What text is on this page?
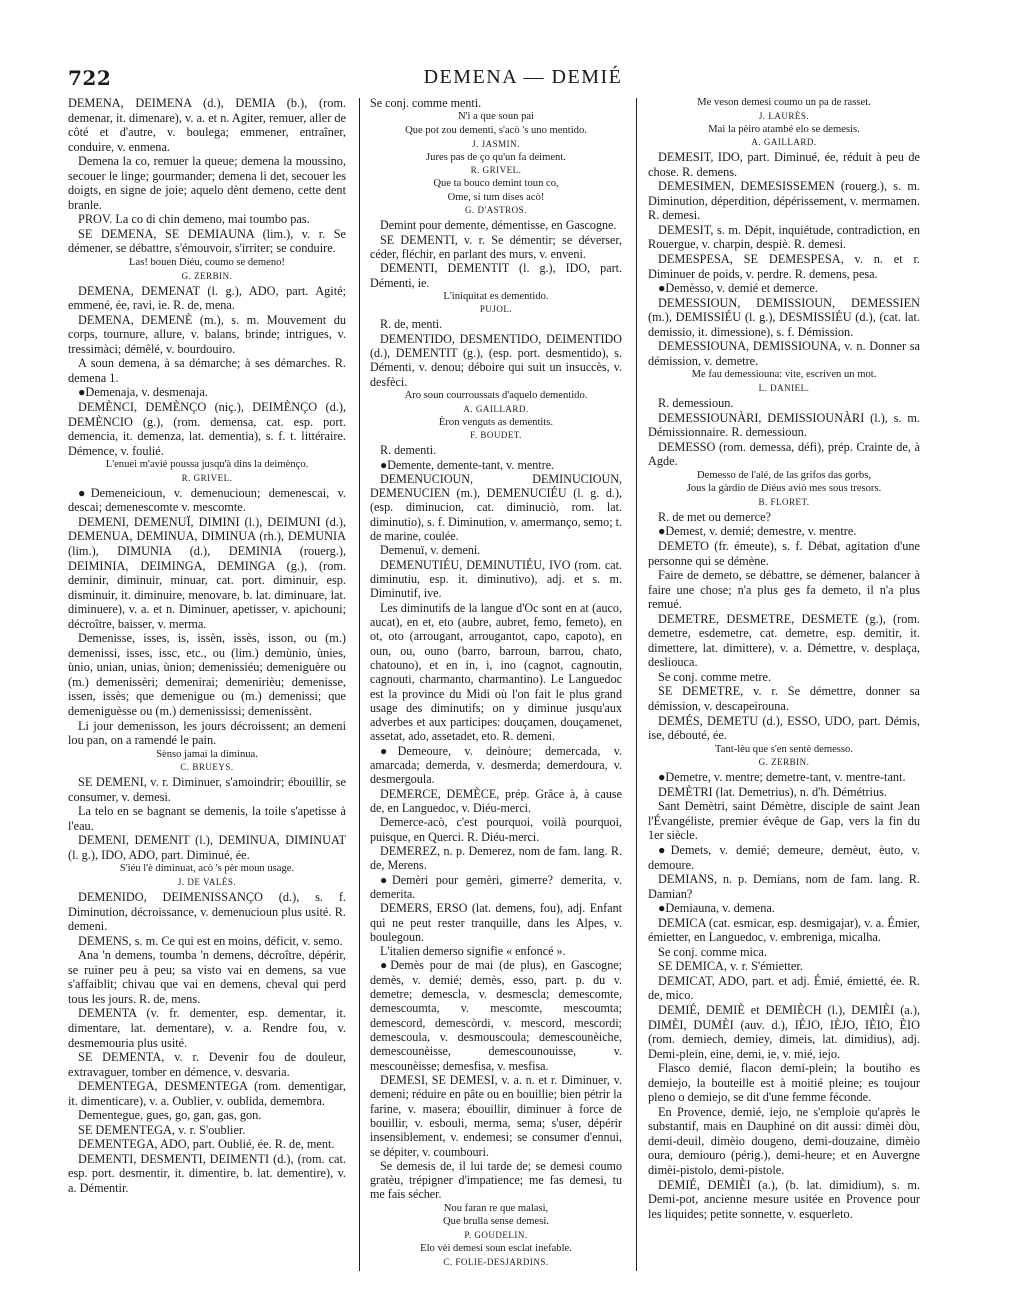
722	DEMENA — DEMIÉ

DEMENA, DEIMENA (d.), DEMIA (b.), (rom. demenar, it. dimenare), v. a. et n. Agiter, remuer, aller de côté et d'autre, v. boulega; emmener, entraîner, conduire, v. enmena.

Demena la co, remuer la queue; demena la moussino, secouer le linge; gourmander; demena li det, secouer les doigts, en signe de joie; aquelo dènt demeno, cette dent branle.

PROV. La co di chin demeno, mai toumbo pas.

SE DEMENA, SE DEMIAUNA (lim.), v. r. Se démener, se débattre, s'émouvoir, s'irriter; se conduire.

Las! bouen Diéu, coumo se demeno!

G. ZERBIN.

DEMENA, DEMENAT (l. g.), ADO, part. Agité; emmené, ée, ravi, ie. R. de, mena.

DEMENA, DEMENÈ (m.), s. m. Mouvement du corps, tournure, allure, v. balans, brinde; intrigues, v. tressimàci; démêlé, v. bourdouiro.

A soun demena, à sa démarche; à ses démarches. R. demena 1.

●Demenaja, v. desmenaja.

DEMÈNCI, DEMÈNÇO (niç.), DEIMÈNÇO (d.), DEMÈNCIO (g.), (rom. demensa, cat. esp. port. demencia, it. demenza, lat. dementia), s. f. t. littéraire. Démence, v. foulié.

L'enuei m'avié poussa jusqu'à dins la deimènço.

R. GRIVEL.

●Demeneicioun, v. demenucioun; demenescai, v. descai; demenescomte v. mescomte.

DEMENI, DEMENUÏ, DIMINI (l.), DEIMUNI (d.), DEMENUA, DEMINUA, DIMINUA (rh.), DEMUNIA (lim.), DIMUNIA (d.), DEMINIA (rouerg.), DEIMINIA, DEIMINGA, DEMINGA (g.), (rom. deminir, diminuir, minuar, cat. port. diminuir, esp. disminuir, it. diminuire, menovare, b. lat. diminuare, lat. diminuere), v. a. et n. Diminuer, apetisser, v. apichouni; décroître, baisser, v. merma.

Demenisse, isses, is, issèn, issès, isson, ou (m.) demenissi, isses, issc, etc., ou (lim.) demùnio, ùnies, ùnio, unian, unias, ùnion; demenissiéu; demeniguère ou (m.) demenissèri; demenirai; demenirièu; demenisse, issen, issès; que demenigue ou (m.) demenissi; que demeniguèsse ou (m.) demenississi; demenissènt.

Li jour demenisson, les jours décroissent; an demeni lou pan, on a ramendé le pain.

Sènso jamai la diminua.

C. BRUEYS.

SE DEMENI, v. r. Diminuer, s'amoindrir; ébouillir, se consumer, v. demesi.

La telo en se bagnant se demenis, la toile s'apetisse à l'eau.

DEMENI, DEMENIT (l.), DEMINUA, DIMINUAT (l. g.), IDO, ADO, part. Diminué, ée.

S'iéu l'è diminuat, acò 's pèr moun usage.

J. DE VALÈS.

DEMENIDO, DEIMENISSANÇO (d.), s. f. Diminution, décroissance, v. demenucioun plus usité. R. demeni.

DEMENS, s. m. Ce qui est en moins, déficit, v. semo.

Ana 'n demens, toumba 'n demens, décroître, dépérir, se ruiner peu à peu; sa visto vai en demens, sa vue s'affaiblit; chivau que vai en demens, cheval qui perd tous les jours. R. de, mens.

DEMENTA (v. fr. dementer, esp. dementar, it. dimentare, lat. dementare), v. a. Rendre fou, v. desmemouria plus usité.

SE DEMENTA, v. r. Devenir fou de douleur, extravaguer, tomber en démence, v. desvaria.

DEMENTEGA, DESMENTEGA (rom. dementigar, it. dimenticare), v. a. Oublier, v. oublida, demembra.

Dementegue, gues, go, gan, gas, gon.

SE DEMENTEGA, v. r. S'oublier.

DEMENTEGA, ADO, part. Oublié, ée. R. de, ment.

DEMENTI, DESMENTI, DEIMENTI (d.), (rom. cat. esp. port. desmentir, it. dimentire, b. lat. dementire), v. a. Démentir.

Se conj. comme menti.

N'i a que soun pai

Que pot zou dementi, s'acò 's uno mentido.

J. JASMIN.

Jures pas de ço qu'un fa deiment.

R. GRIVEL.

Que ta bouco demint toun co,

Ome, si tum dises acò!

G. D'ASTROS.

Demint pour demente, démentisse, en Gascogne.

SE DEMENTI, v. r. Se démentir; se déverser, céder, fléchir, en parlant des murs, v. enveni.

DEMENTI, DEMENTIT (l. g.), IDO, part. Démenti, ie.

L'iniquitat es dementido.

PUJOL.

R. de, menti.

DEMENTIDO, DESMENTIDO, DEIMENTIDO (d.), DEMENTIT (g.), (esp. port. desmentido), s. Démenti, v. denou; déboire qui suit un insuccès, v. desfèci.

Aro soun courroussats d'aquelo dementido.

A. GAILLARD.

Èron venguts as dementits.

F. BOUDET.

R. dementi.

●Demente, demente-tant, v. mentre.

DEMENUCIOUN, DEMINUCIOUN, DEMENUCIEN (m.), DEMENUCIÉU (l. g. d.), (esp. diminucion, cat. diminuciò, rom. lat. diminutio), s. f. Diminution, v. amermanço, semo; t. de marine, coulée.

Demenuï, v. demeni.

DEMENUTIÉU, DEMINUTIÉU, IVO (rom. cat. diminutiu, esp. it. diminutivo), adj. et s. m. Diminutif, ive.

Les diminutifs de la langue d'Oc sont en at (auco, aucat), en et, eto (aubre, aubret, femo, femeto), en ot, oto (arrougant, arrougantot, capo, capoto), en oun, ou, ouno (barro, barroun, barrou, chato, chatouno), et en in, i, ino (cagnot, cagnoutin, cagnouti, charmanto, charmantino). Le Languedoc est la province du Midi où l'on fait le plus grand usage des diminutifs; on y diminue jusqu'aux adverbes et aux participes: douçamen, douçamenet, assetat, ado, assetadet, eto. R. demeni.

●Demeoure, v. deinòure; demercada, v. amarcada; demerda, v. desmerda; demerdoura, v. desmergoula.

DEMERCE, DEMÈCE, prép. Grâce à, à cause de, en Languedoc, v. Diéu-merci.

Demerce-acò, c'est pourquoi, voilà pourquoi, puisque, en Querci. R. Diéu-merci.

DEMEREZ, n. p. Demerez, nom de fam. lang. R. de, Merens.

●Demèri pour gemèri, gimerre? demerita, v. demerita.

DEMERS, ERSO (lat. demens, fou), adj. Enfant qui ne peut rester tranquille, dans les Alpes, v. boulegoun.

L'italien demerso signifie « enfoncé ».

●Demès pour de mai (de plus), en Gascogne; demès, v. demié; demès, esso, part. p. du v. demetre; demescla, v. desmescla; demescomte, demescoumta, v. mescomte, mescoumta; demescord, demescòrdi, v. mescord, mescordi; demescoula, v. desmouscoula; demescounèiche, demescounèisse, demescounouisse, v. mescounèisse; demesfisa, v. mesfisa.

DEMESI, SE DEMESI, v. a. n. et r. Diminuer, v. demeni; réduire en pâte ou en bouillie; bien pétrir la farine, v. masera; ébouillir, diminuer à force de bouillir, v. esbouli, merma, sema; s'user, dépérir insensiblement, v. endemesi; se consumer d'ennui, se dépiter, v. coumbouri.

Se demesis de, il lui tarde de; se demesi coumo gratèu, trépigner d'impatience; me fas demesi, tu me fais sécher.

Nou faran re que malasi,

Que brulla sense demesi.

P. GOUDELIN.

Elo vèi demesi soun esclat inefable.

C. FOLIE-DESJARDINS.

Me veson demesi coumo un pa de rasset.

J. LAURÈS.

Mai la pèiro atambé elo se demesis.

A. GAILLARD.

DEMESIT, IDO, part. Diminué, ée, réduit à peu de chose. R. demens.

DEMESIMEN, DEMESISSEMEN (rouerg.), s. m. Diminution, déperdition, dépérissement, v. mermamen. R. demesi.

DEMESIT, s. m. Dépit, inquiétude, contradiction, en Rouergue, v. charpin, despiè. R. demesi.

DEMESPESA, SE DEMESPESA, v. n. et r. Diminuer de poids, v. perdre. R. demens, pesa.

●Demèsso, v. demié et demerce.

DEMESSIOUN, DEMISSIOUN, DEMESSIEN (m.), DEMISSIÉU (l. g.), DESMISSIÉU (d.), (cat. lat. demissio, it. dimessione), s. f. Démission.

DEMESSIOUNA, DEMISSIOUNA, v. n. Donner sa démission, v. demetre.

Me fau demessiouna: vite, escriven un mot.

L. DANIEL.

R. demessioun.

DEMESSIOUNÀRI, DEMISSIOUNÀRI (l.), s. m. Démissionnaire. R. demessioun.

DEMESSO (rom. demessa, défi), prép. Crainte de, à Agde.

Demesso de l'alé, de las grifos das gorbs,

Jous la gàrdio de Diéus aviò mes sous tresors.

B. FLORET.

R. de met ou demerce?

●Demest, v. demié; demestre, v. mentre.

DEMETO (fr. émeute), s. f. Débat, agitation d'une personne qui se démène.

Faire de demeto, se débattre, se démener, balancer à faire une chose; n'a plus ges fa demeto, il n'a plus remué.

DEMETRE, DESMETRE, DESMETE (g.), (rom. demetre, esdemetre, cat. demetre, esp. demitir, it. dimettere, lat. dimittere), v. a. Démettre, v. desplaça, desliouca.

Se conj. comme metre.

SE DEMETRE, v. r. Se démettre, donner sa démission, v. descapeirouna.

DEMÉS, DEMETU (d.), ESSO, UDO, part. Démis, ise, débouté, ée.

Tant-lèu que s'en sentè demesso.

G. ZERBIN.

●Demetre, v. mentre; demetre-tant, v. mentre-tant.

DEMÈTRI (lat. Demetrius), n. d'h. Démétrius.

Sant Demètri, saint Démètre, disciple de saint Jean l'Évangéliste, premier évêque de Gap, vers la fin du 1er siècle.

●Demets, v. demié; demeure, demèut, èuto, v. demoure.

DEMIANS, n. p. Demians, nom de fam. lang. R. Damian?

●Demiauna, v. demena.

DEMICA (cat. esmicar, esp. desmigajar), v. a. Émier, émietter, en Languedoc, v. embreniga, micalha.

Se conj. comme mica.

SE DEMICA, v. r. S'émietter.

DEMICAT, ADO, part. et adj. Émié, émietté, ée. R. de, mico.

DEMIÉ, DEMIÈ et DEMIÈCH (l.), DEMIÈI (a.), DIMÈI, DUMÈI (auv. d.), IÉJO, IÈJO, IÈIO, ÈIO (rom. demiech, demiey, dimeis, lat. dimidius), adj. Demi-plein, eine, demi, ie, v. mié, iejo.

Flasco demié, flacon demi-plein; la boutiho es demiejo, la bouteille est à moitié pleine; es toujour pleno o demiejo, se dit d'une femme féconde.

En Provence, demié, iejo, ne s'emploie qu'après le substantif, mais en Dauphiné on dit aussi: dimèi dòu, demi-deuil, dimèio dougeno, demi-douzaine, dimèio oura, demiouro (périg.), demi-heure; et en Auvergne dimèi-pistolo, demi-pistole.

DEMIÉ, DEMIÈI (a.), (b. lat. dimidium), s. m. Demi-pot, ancienne mesure usitée en Provence pour les liquides; petite sonnette, v. esquerleto.
